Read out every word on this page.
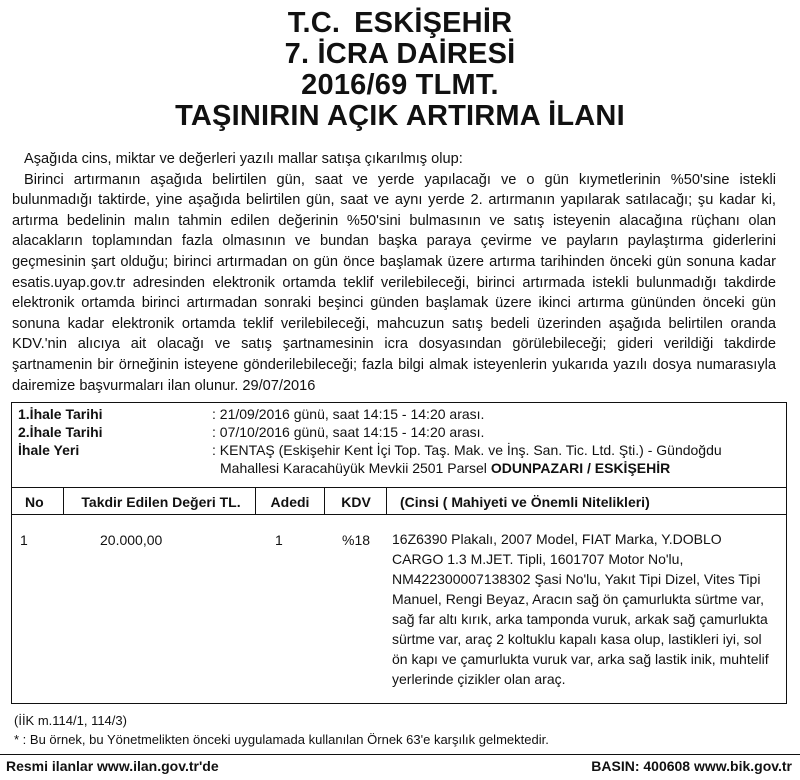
T.C. ESKİŞEHİR

7. İCRA DAİRESİ

2016/69 TLMT.

TAŞINIRIN AÇIK ARTIRMA İLANI

Aşağıda cins, miktar ve değerleri yazılı mallar satışa çıkarılmış olup:

Birinci artırmanın aşağıda belirtilen gün, saat ve yerde yapılacağı ve o gün kıymetlerinin %50'sine istekli bulunmadığı taktirde, yine aşağıda belirtilen gün, saat ve aynı yerde 2. artırmanın yapılarak satılacağı; şu kadar ki, artırma bedelinin malın tahmin edilen değerinin %50'sini bulmasının ve satış isteyenin alacağına rüçhanı olan alacakların toplamından fazla olmasının ve bundan başka paraya çevirme ve payların paylaştırma giderlerini geçmesinin şart olduğu; birinci artırmadan on gün önce başlamak üzere artırma tarihinden önceki gün sonuna kadar esatis.uyap.gov.tr adresinden elektronik ortamda teklif verilebileceği, birinci artırmada istekli bulunmadığı takdirde elektronik ortamda birinci artırmadan sonraki beşinci günden başlamak üzere ikinci artırma gününden önceki gün sonuna kadar elektronik ortamda teklif verilebileceği, mahcuzun satış bedeli üzerinden aşağıda belirtilen oranda KDV.'nin alıcıya ait olacağı ve satış şartnamesinin icra dosyasından görülebileceği; gideri verildiği takdirde şartnamenin bir örneğinin isteyene gönderilebileceği; fazla bilgi almak isteyenlerin yukarıda yazılı dosya numarasıyla dairemize başvurmaları ilan olunur. 29/07/2016

1.İhale Tarihi	: 21/09/2016 günü, saat 14:15 - 14:20 arası.
2.İhale Tarihi	: 07/10/2016 günü, saat 14:15 - 14:20 arası.
İhale Yeri	: KENTAŞ (Eskişehir Kent İçi Top. Taş. Mak. ve İnş. San. Tic. Ltd. Şti.) - Gündoğdu
Mahallesi Karacahüyük Mevkii 2501 Parsel ODUNPAZARI / ESKİŞEHİR
No	Takdir Edilen Değeri TL.	Adedi	KDV	(Cinsi ( Mahiyeti ve Önemli Nitelikleri)
1	20.000,00	1	%18 16Z6390 Plakalı, 2007 Model, FIAT Marka, Y.DOBLO CARGO 1.3 M.JET. Tipli, 1601707 Motor No'lu, NM422300007138302 Şasi No'lu, Yakıt Tipi Dizel, Vites Tipi Manuel, Rengi Beyaz, Aracın sağ ön çamurlukta sürtme var, sağ far altı kırık, arka tamponda vuruk, arkak sağ çamurlukta sürtme var, araç 2 koltuklu kapalı kasa olup, lastikleri iyi, sol ön kapı ve çamurlukta vuruk var, arka sağ lastik inik, muhtelif yerlerinde çizikler olan araç.
(İİK m.114/1, 114/3)
* : Bu örnek, bu Yönetmelikten önceki uygulamada kullanılan Örnek 63'e karşılık gelmektedir.
Resmi ilanlar www.ilan.gov.tr'de	BASIN: 400608 www.bik.gov.tr
